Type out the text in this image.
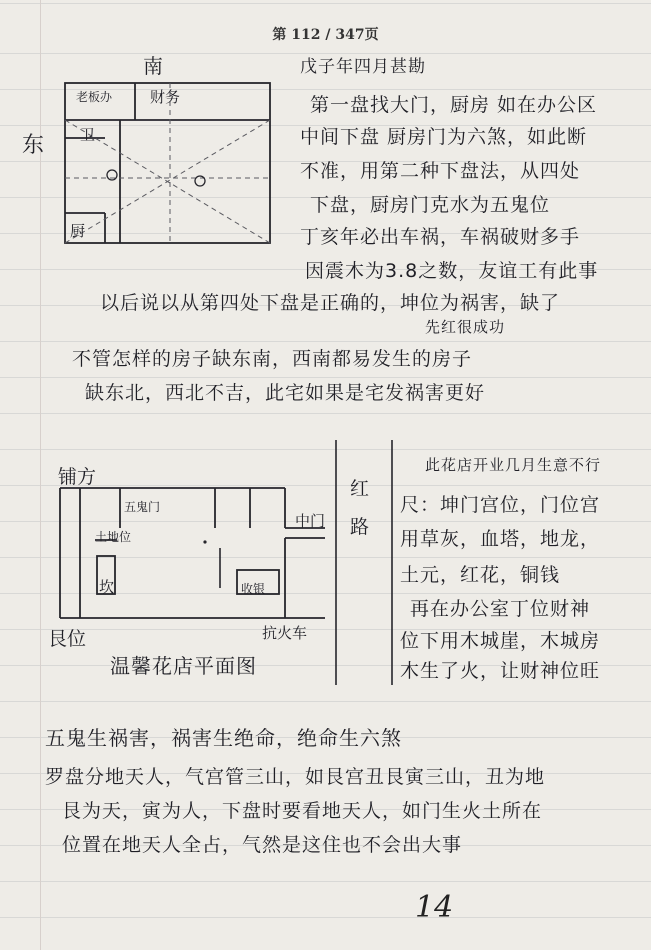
第 112 / 347页
南
东
老板办	财务
卫
厨
戊子年四月甚勘
第一盘找大门，厨房 如在办公区
中间下盘 厨房门为六煞，如此断
不准，用第二种下盘法，从四处
下盘，厨房门克水为五鬼位
丁亥年必出车祸，车祸破财多手
因震木为3.8之数，友谊工有此事
以后说以从第四处下盘是正确的，坤位为祸害，缺了
先红很成功
不管怎样的房子缺东南，西南都易发生的房子
缺东北，西北不吉，此宅如果是宅发祸害更好
铺方
五鬼门
中门
土地位
坎	收银
艮位	抗火车
温馨花店平面图
红 路
此花店开业几月生意不行
尺：坤门宫位，门位宫
用草灰，血塔，地龙，
土元，红花，铜钱
再在办公室丁位财神
位下用木城崖，木城房
木生了火，让财神位旺
五鬼生祸害，祸害生绝命，绝命生六煞
罗盘分地天人，气宫管三山，如艮宫丑艮寅三山，丑为地
艮为天，寅为人，下盘时要看地天人，如门生火土所在
位置在地天人全占，气然是这住也不会出大事
14
